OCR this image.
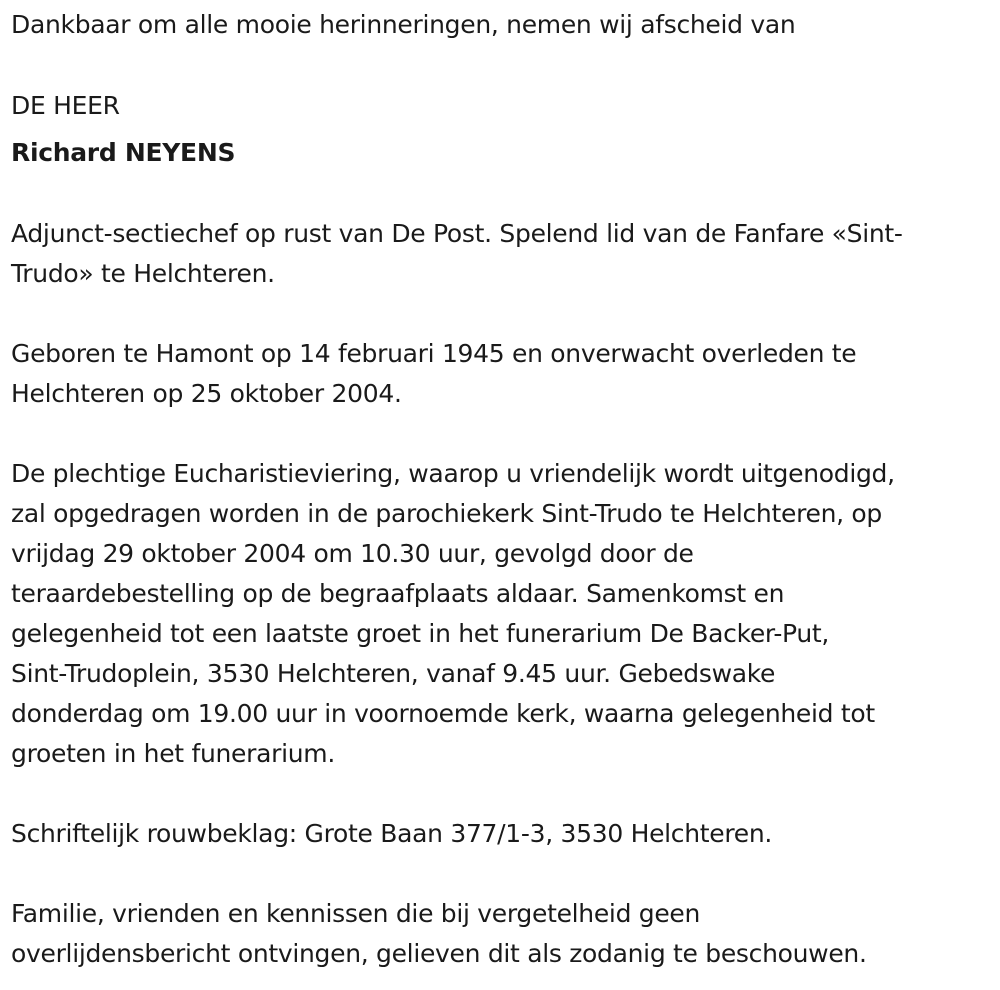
Dankbaar om alle mooie herinneringen, nemen wij afscheid van
DE HEER
Richard NEYENS
Adjunct-sectiechef op rust van De Post. Spelend lid van de Fanfare «Sint-
Trudo» te Helchteren.
Geboren te Hamont op 14 februari 1945 en onverwacht overleden te
Helchteren op 25 oktober 2004.
De plechtige Eucharistieviering, waarop u vriendelijk wordt uitgenodigd,
zal opgedragen worden in de parochiekerk Sint-Trudo te Helchteren, op
vrijdag 29 oktober 2004 om 10.30 uur, gevolgd door de
teraardebestelling op de begraafplaats aldaar. Samenkomst en
gelegenheid tot een laatste groet in het funerarium De Backer-Put,
Sint-Trudoplein, 3530 Helchteren, vanaf 9.45 uur. Gebedswake
donderdag om 19.00 uur in voornoemde kerk, waarna gelegenheid tot
groeten in het funerarium.
Schriftelijk rouwbeklag: Grote Baan 377/1-3, 3530 Helchteren.
Familie, vrienden en kennissen die bij vergetelheid geen
overlijdensbericht ontvingen, gelieven dit als zodanig te beschouwen.
